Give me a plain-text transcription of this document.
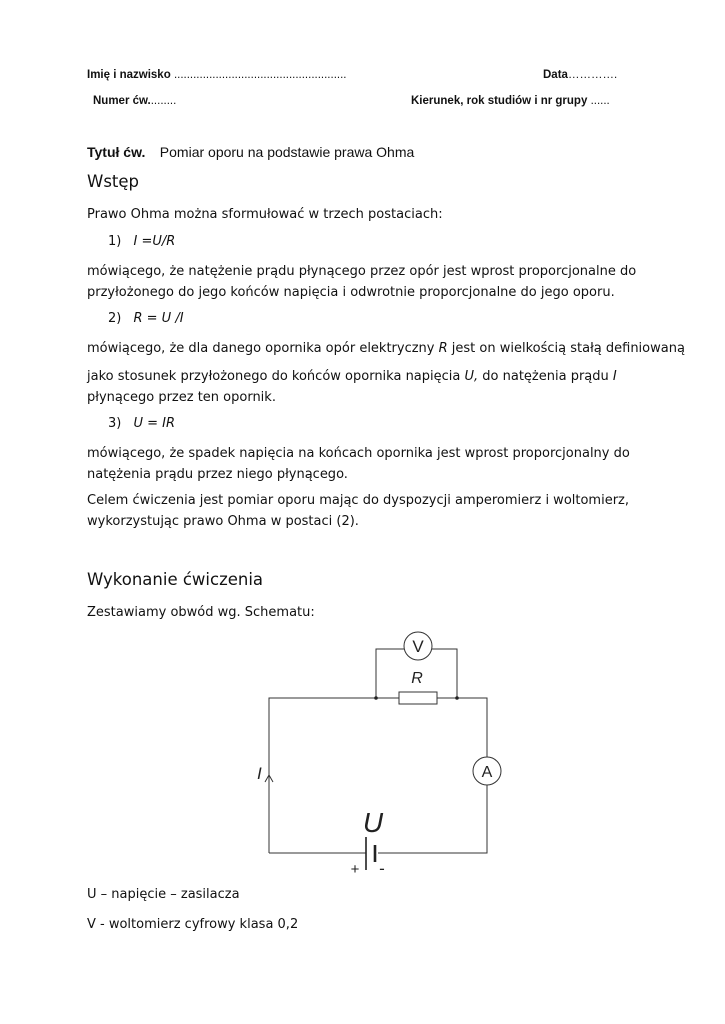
Imię i nazwisko ......................................................	Data………….
Numer ćw.........	Kierunek, rok studiów i nr grupy ......
Tytuł ćw. Pomiar oporu na podstawie prawa Ohma
Wstęp
Prawo Ohma można sformułować w trzech postaciach:
1) I =U/R
mówiącego, że natężenie prądu płynącego przez opór jest wprost proporcjonalne do przyłożonego do jego końców napięcia i odwrotnie proporcjonalne do jego oporu.
2) R = U /I
mówiącego, że dla danego opornika opór elektryczny R jest on wielkością stałą definiowaną
jako stosunek przyłożonego do końców opornika napięcia U, do natężenia prądu I płynącego przez ten opornik.
3) U = IR
mówiącego, że spadek napięcia na końcach opornika jest wprost proporcjonalny do natężenia prądu przez niego płynącego.
Celem ćwiczenia jest pomiar oporu mając do dyspozycji amperomierz i woltomierz, wykorzystując prawo Ohma w postaci (2).
Wykonanie ćwiczenia
Zestawiamy obwód wg. Schematu:
V
R
A
I
U
+ -
U – napięcie – zasilacza
V - woltomierz cyfrowy klasa 0,2
